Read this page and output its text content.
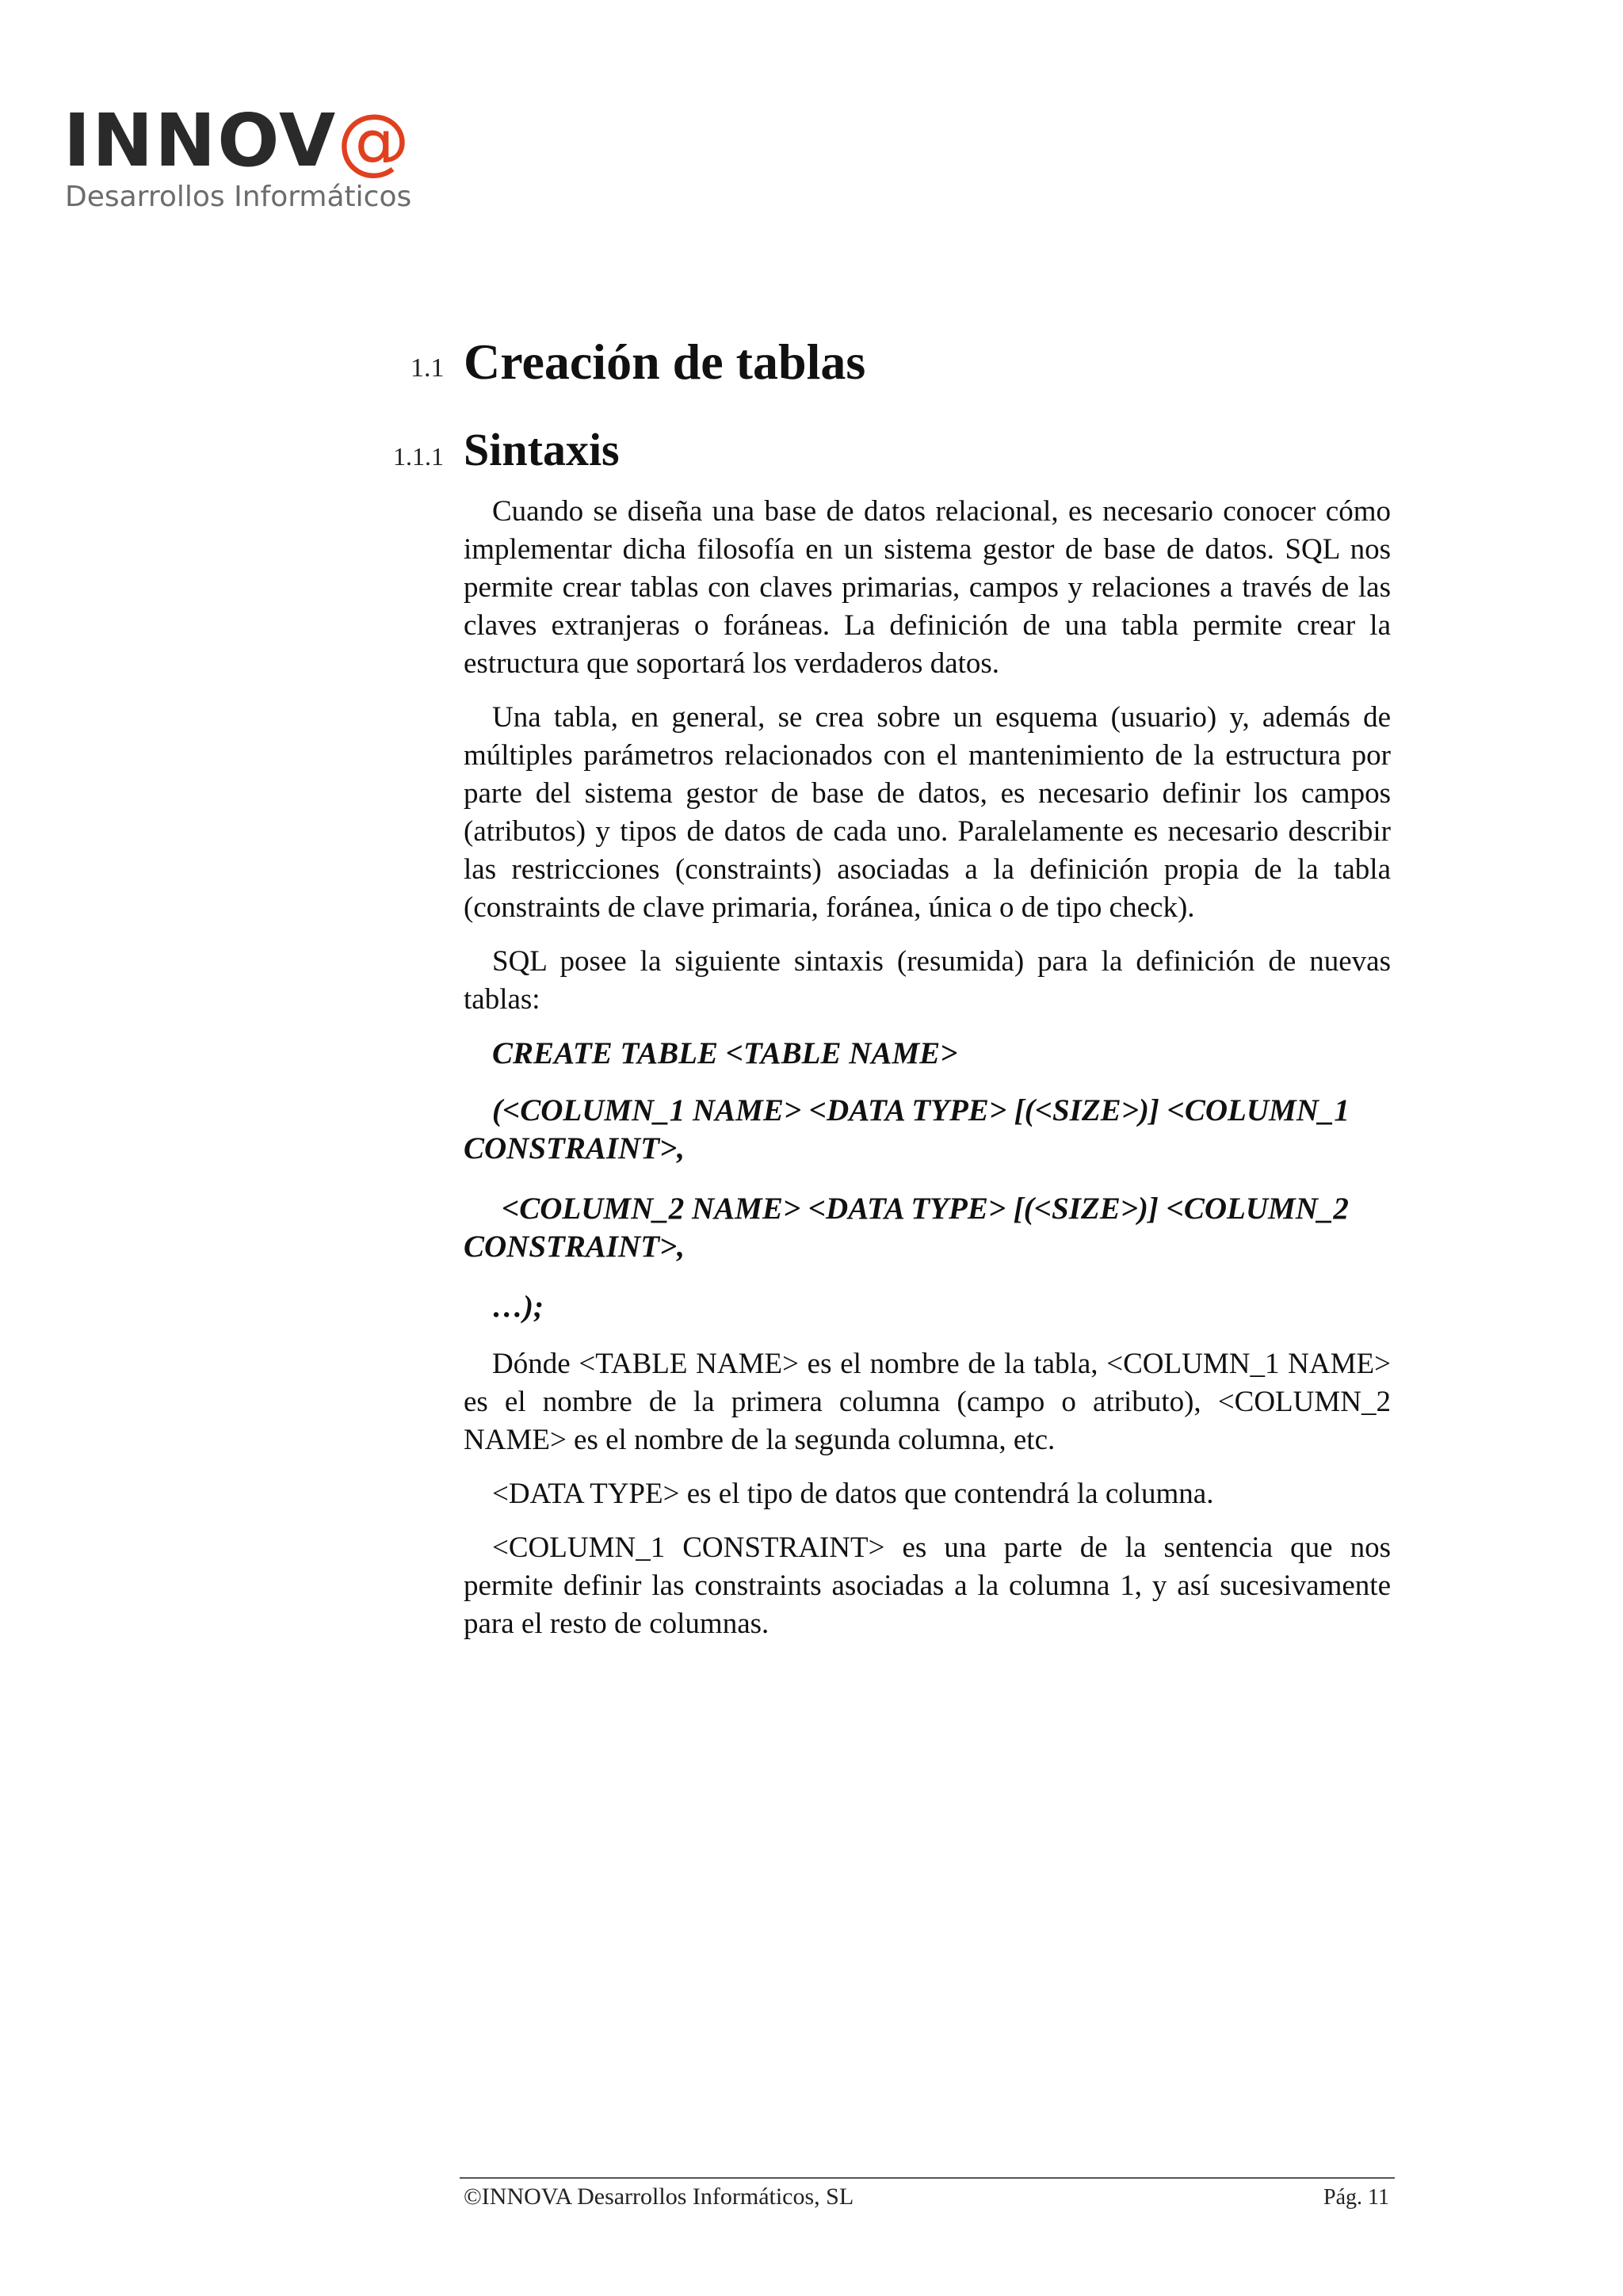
INNOV@
Desarrollos Informáticos
1.1 Creación de tablas
1.1.1 Sintaxis

Cuando se diseña una base de datos relacional, es necesario conocer cómo implementar dicha filosofía en un sistema gestor de base de datos. SQL nos permite crear tablas con claves primarias, campos y relaciones a través de las claves extranjeras o foráneas. La definición de una tabla permite crear la estructura que soportará los verdaderos datos.

Una tabla, en general, se crea sobre un esquema (usuario) y, además de múltiples parámetros relacionados con el mantenimiento de la estructura por parte del sistema gestor de base de datos, es necesario definir los campos (atributos) y tipos de datos de cada uno. Paralelamente es necesario describir las restricciones (constraints) asociadas a la definición propia de la tabla (constraints de clave primaria, foránea, única o de tipo check).

SQL posee la siguiente sintaxis (resumida) para la definición de nuevas tablas:

CREATE TABLE <TABLE NAME>

(<COLUMN_1 NAME> <DATA TYPE> [(<SIZE>)] <COLUMN_1 CONSTRAINT>,

<COLUMN_2 NAME> <DATA TYPE> [(<SIZE>)] <COLUMN_2 CONSTRAINT>,

…);

Dónde <TABLE NAME> es el nombre de la tabla, <COLUMN_1 NAME> es el nombre de la primera columna (campo o atributo), <COLUMN_2 NAME> es el nombre de la segunda columna, etc.

<DATA TYPE> es el tipo de datos que contendrá la columna.

<COLUMN_1 CONSTRAINT> es una parte de la sentencia que nos permite definir las constraints asociadas a la columna 1, y así sucesivamente para el resto de columnas.

©INNOVA Desarrollos Informáticos, SL	Pág. 11
